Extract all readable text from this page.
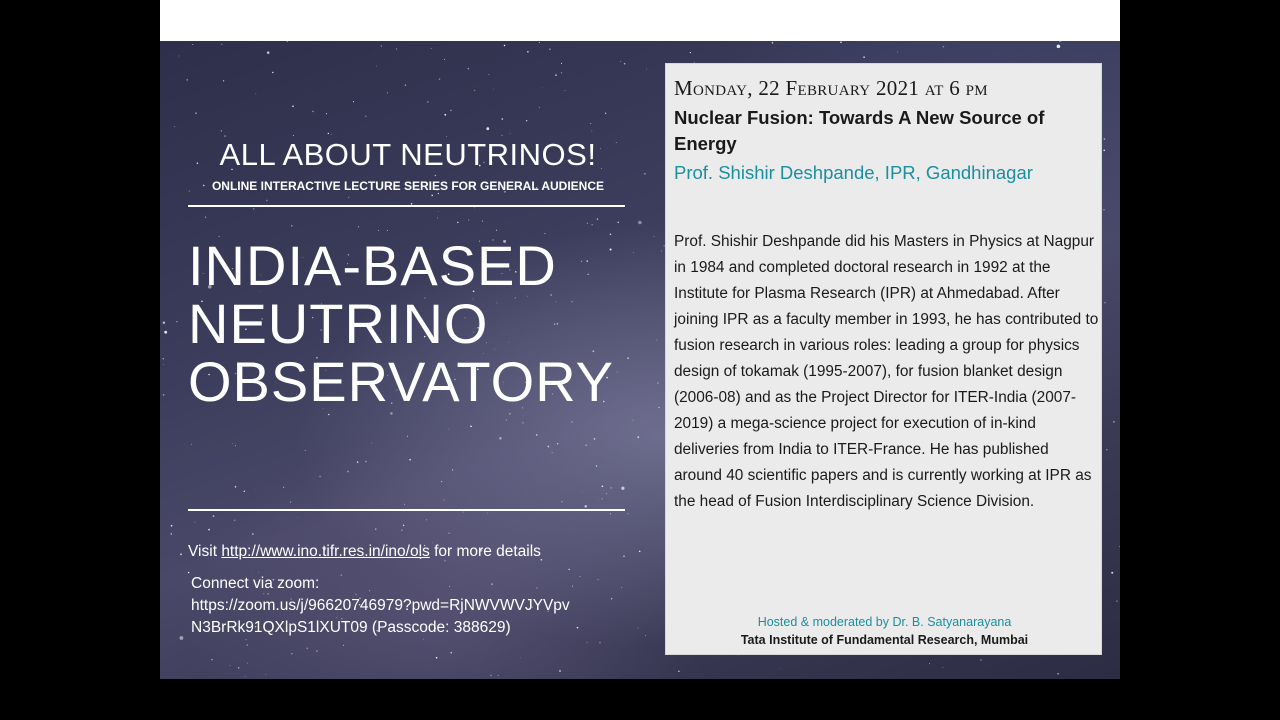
ALL ABOUT NEUTRINOS!
ONLINE INTERACTIVE LECTURE SERIES FOR GENERAL AUDIENCE
INDIA-BASED
NEUTRINO
OBSERVATORY
Visit http://www.ino.tifr.res.in/ino/ols for more details
Connect via zoom:
https://zoom.us/j/96620746979?pwd=RjNWVWVJYVpv
N3BrRk91QXlpS1lXUT09 (Passcode: 388629)
Monday, 22 February 2021 at 6 pm
Nuclear Fusion: Towards A New Source of Energy
Prof. Shishir Deshpande, IPR, Gandhinagar
Prof. Shishir Deshpande did his Masters in Physics at Nagpur in 1984 and completed doctoral research in 1992 at the Institute for Plasma Research (IPR) at Ahmedabad. After joining IPR as a faculty member in 1993, he has contributed to fusion research in various roles: leading a group for physics design of tokamak (1995-2007), for fusion blanket design (2006-08) and as the Project Director for ITER-India (2007-2019) a mega-science project for execution of in-kind deliveries from India to ITER-France. He has published around 40 scientific papers and is currently working at IPR as the head of Fusion Interdisciplinary Science Division.
Hosted & moderated by Dr. B. Satyanarayana
Tata Institute of Fundamental Research, Mumbai
